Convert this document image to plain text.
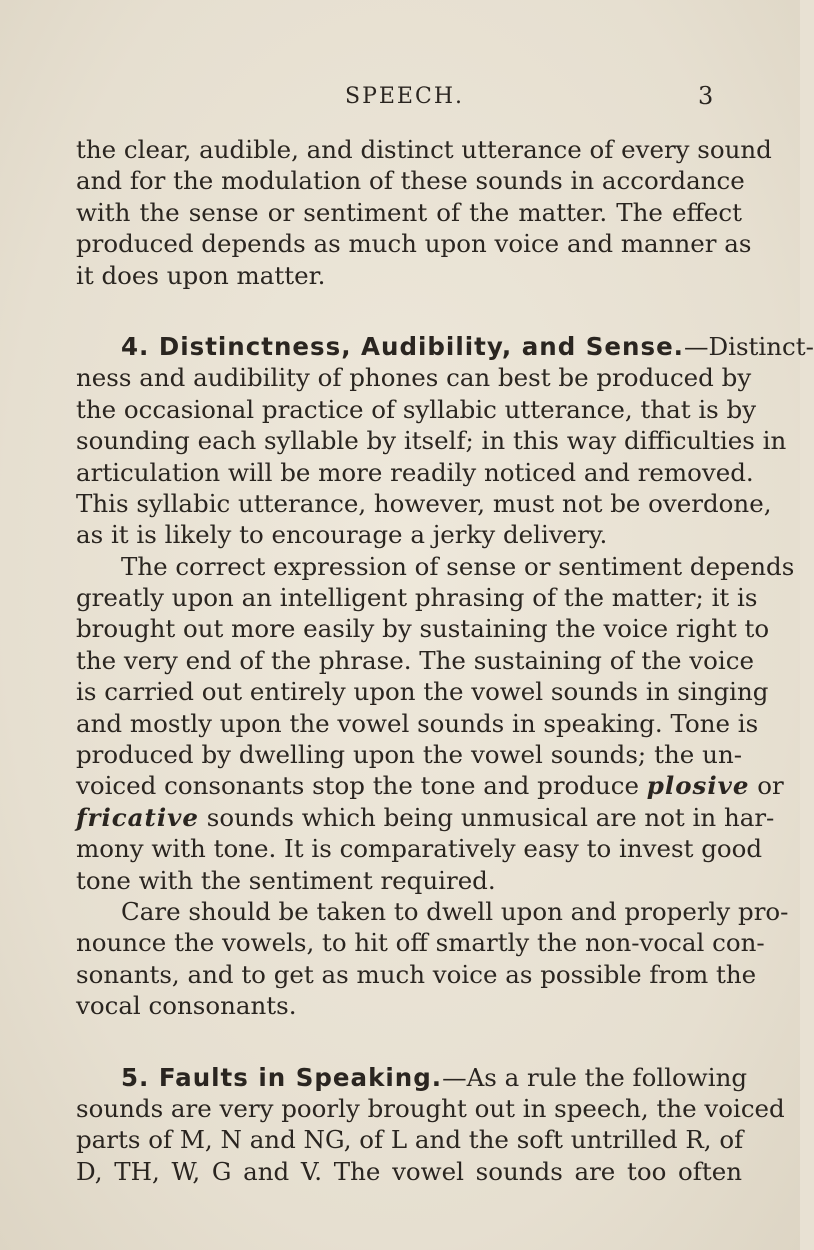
SPEECH.	3
the clear, audible, and distinct utterance of every sound
and for the modulation of these sounds in accordance
with the sense or sentiment of the matter. The effect
produced depends as much upon voice and manner as
it does upon matter.
4. Distinctness, Audibility, and Sense.—Distinct-
ness and audibility of phones can best be produced by
the occasional practice of syllabic utterance, that is by
sounding each syllable by itself; in this way difficulties in
articulation will be more readily noticed and removed.
This syllabic utterance, however, must not be overdone,
as it is likely to encourage a jerky delivery.
The correct expression of sense or sentiment depends
greatly upon an intelligent phrasing of the matter; it is
brought out more easily by sustaining the voice right to
the very end of the phrase. The sustaining of the voice
is carried out entirely upon the vowel sounds in singing
and mostly upon the vowel sounds in speaking. Tone is
produced by dwelling upon the vowel sounds; the un-
voiced consonants stop the tone and produce plosive or
fricative sounds which being unmusical are not in har-
mony with tone. It is comparatively easy to invest good
tone with the sentiment required.
Care should be taken to dwell upon and properly pro-
nounce the vowels, to hit off smartly the non-vocal con-
sonants, and to get as much voice as possible from the
vocal consonants.
5. Faults in Speaking.—As a rule the following
sounds are very poorly brought out in speech, the voiced
parts of M, N and NG, of L and the soft untrilled R, of
D, TH, W, G and V. The vowel sounds are too often
